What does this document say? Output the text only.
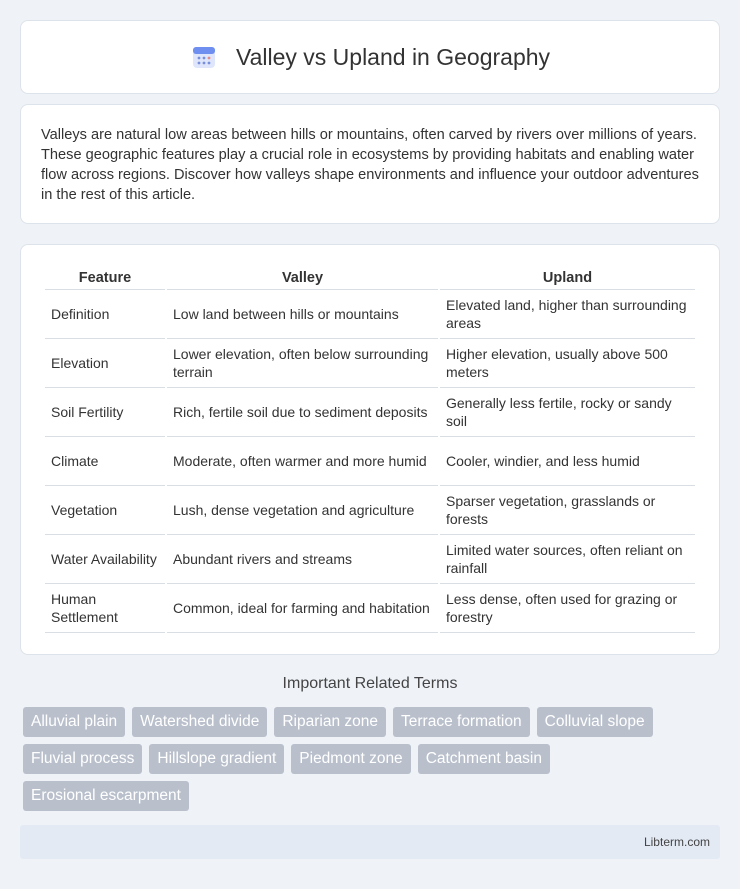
Valley vs Upland in Geography

Valleys are natural low areas between hills or mountains, often carved by rivers over millions of years. These geographic features play a crucial role in ecosystems by providing habitats and enabling water flow across regions. Discover how valleys shape environments and influence your outdoor adventures in the rest of this article.

Feature	Valley	Upland
Definition	Low land between hills or mountains	Elevated land, higher than surrounding areas
Elevation	Lower elevation, often below surrounding terrain	Higher elevation, usually above 500 meters
Soil Fertility	Rich, fertile soil due to sediment deposits	Generally less fertile, rocky or sandy soil
Climate	Moderate, often warmer and more humid	Cooler, windier, and less humid
Vegetation	Lush, dense vegetation and agriculture	Sparser vegetation, grasslands or forests
Water Availability	Abundant rivers and streams	Limited water sources, often reliant on rainfall
Human Settlement	Common, ideal for farming and habitation	Less dense, often used for grazing or forestry
Important Related Terms
Alluvial plain	Watershed divide	Riparian zone	Terrace formation	Colluvial slope
Fluvial process	Hillslope gradient	Piedmont zone	Catchment basin
Erosional escarpment
Libterm.com
